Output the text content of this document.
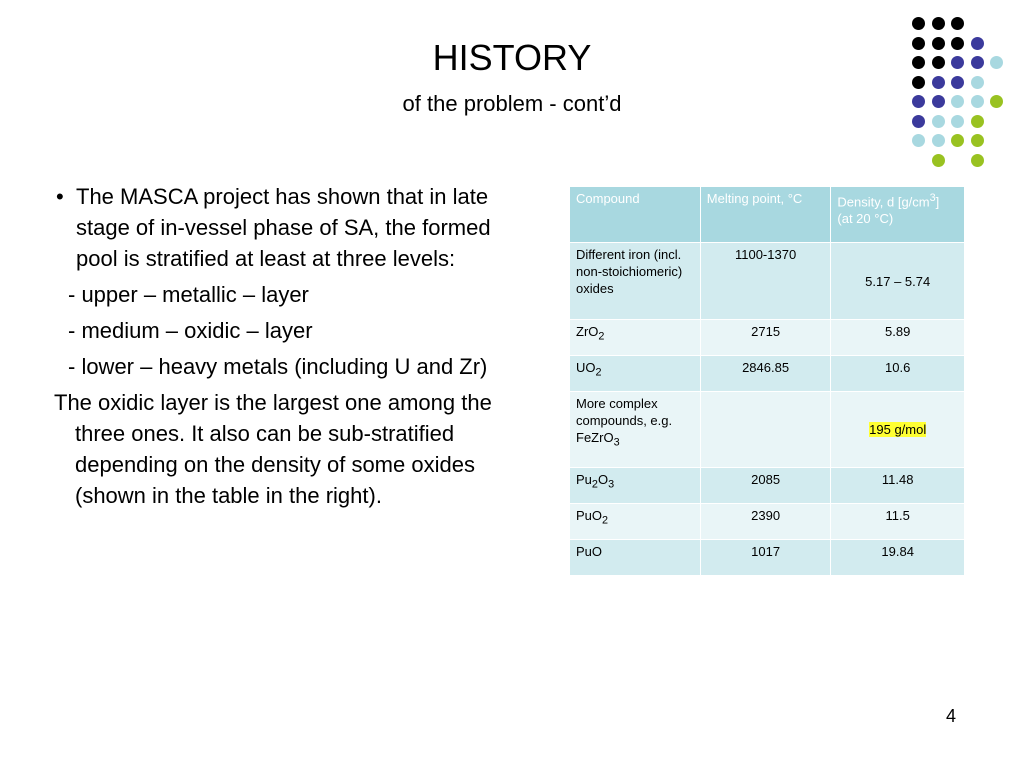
HISTORY
of the problem - cont’d
• The MASCA project has shown that in late stage of in-vessel phase of SA, the formed pool is stratified at least at three levels:
- upper – metallic – layer
- medium – oxidic – layer
- lower – heavy metals (including U and Zr)
The oxidic layer is the largest one among the three ones. It also can be sub-stratified depending on the density of some oxides (shown in the table in the right).
Compound	Melting point, °C	Density, d $[g/cm^3]$
(at 20 °C)
Different iron (incl. non-stoichiomeric) oxides	1100-1370	5.17 – 5.74
ZrO$_2$	2715	5.89
$UO_2$	2846.85	10.6
More complex compounds, e.g. FeZrO$_3$		195 g/mol
$Pu_2O_3$	2085	11.48
PuO$_2$	2390	11.5
PuO	1017	19.84
4
